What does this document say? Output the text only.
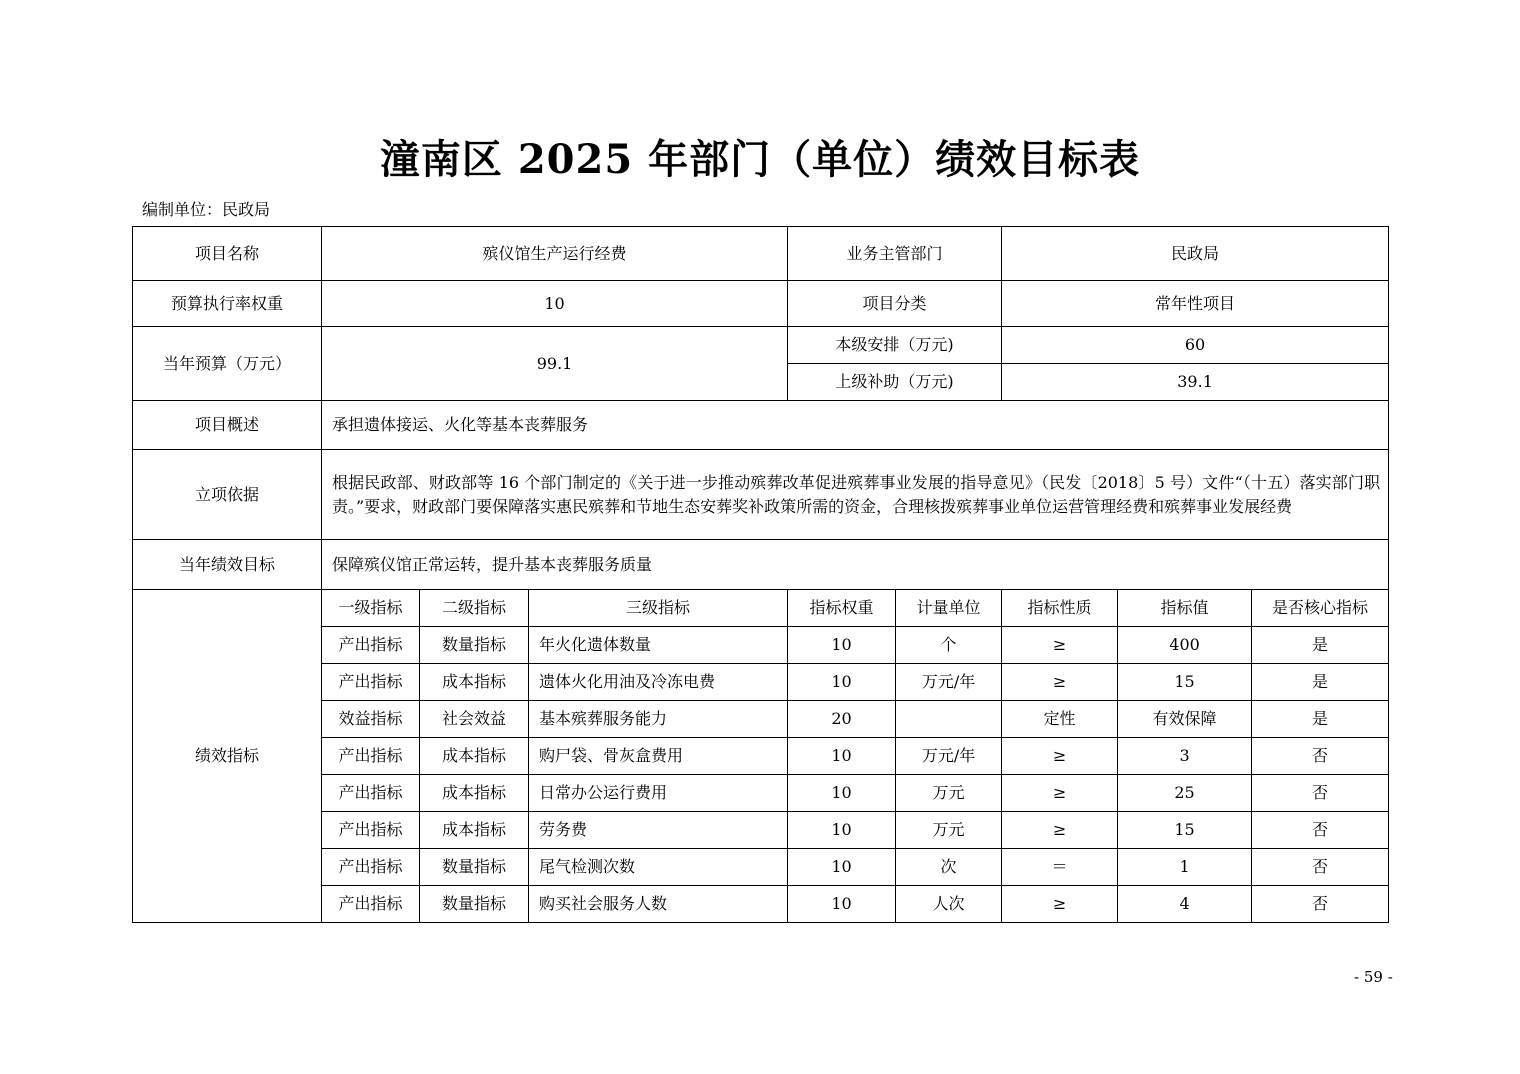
潼南区 2025 年部门（单位）绩效目标表
编制单位：民政局
项目名称	殡仪馆生产运行经费			业务主管部门		民政局		
预算执行率权重	10			项目分类		常年性项目		
当年预算（万元）	99.1			本级安排（万元)		60		
				上级补助（万元)		39.1		
项目概述	承担遗体接运、火化等基本丧葬服务							
立项依据	根据民政部、财政部等 16 个部门制定的《关于进一步推动殡葬改革促进殡葬事业发展的指导意见》（民发〔2018〕5 号）文件“（十五）落实部门职责。”要求，财政部门要保障落实惠民殡葬和节地生态安葬奖补政策所需的资金，合理核拨殡葬事业单位运营管理经费和殡葬事业发展经费							
当年绩效目标	保障殡仪馆正常运转，提升基本丧葬服务质量							
绩效指标	一级指标	二级指标	三级指标	指标权重	计量单位	指标性质	指标值	是否核心指标
	产出指标	数量指标	年火化遗体数量	10	个	≥	400	是
	产出指标	成本指标	遗体火化用油及冷冻电费	10	万元/年	≥	15	是
	效益指标	社会效益	基本殡葬服务能力	20		定性	有效保障	是
	产出指标	成本指标	购尸袋、骨灰盒费用	10	万元/年	≥	3	否
	产出指标	成本指标	日常办公运行费用	10	万元	≥	25	否
	产出指标	成本指标	劳务费	10	万元	≥	15	否
	产出指标	数量指标	尾气检测次数	10	次	＝	1	否
	产出指标	数量指标	购买社会服务人数	10	人次	≥	4	否
- 59 -
